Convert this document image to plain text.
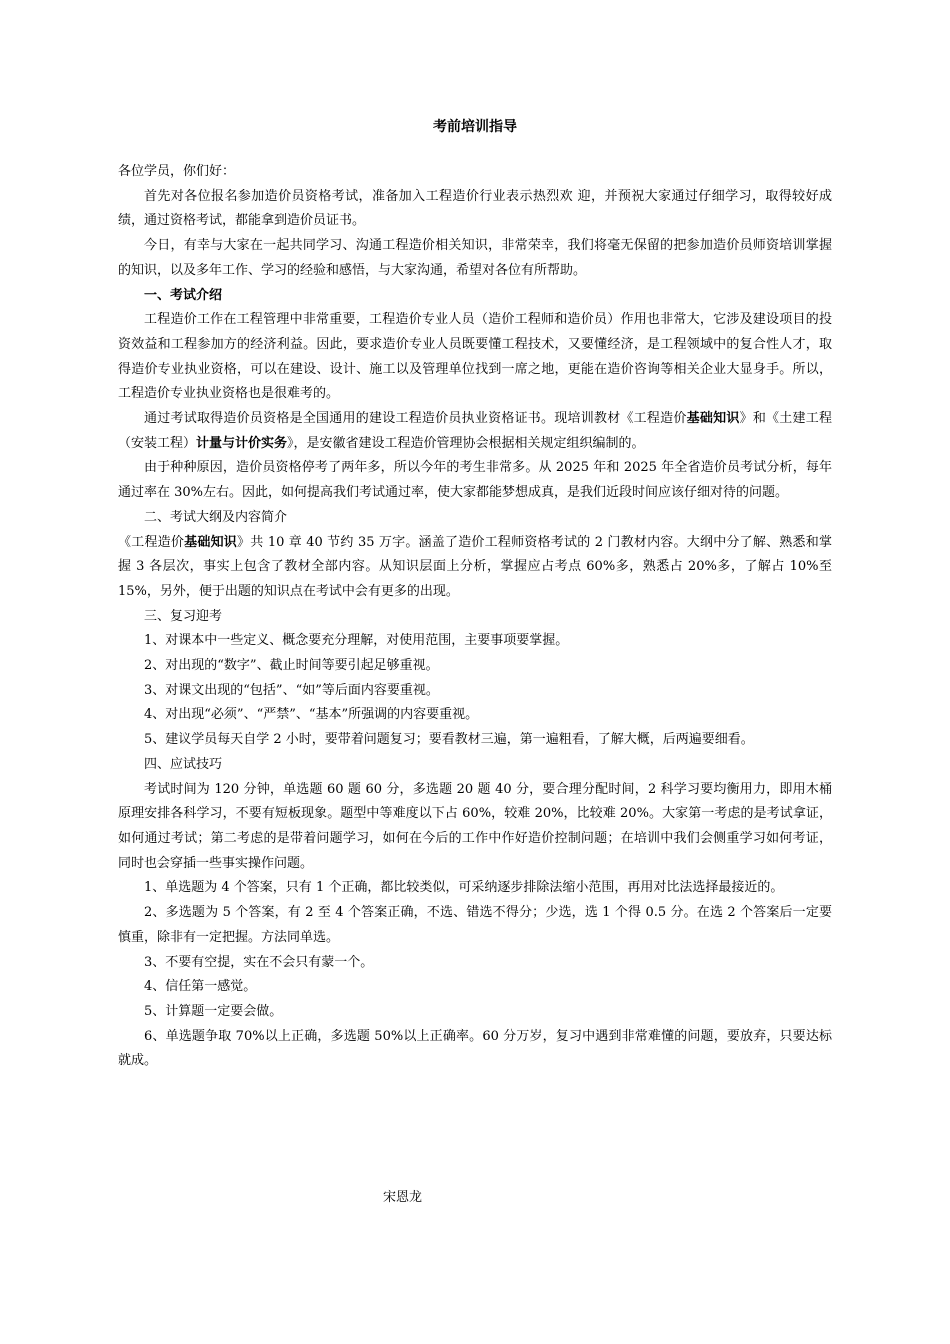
考前培训指导

各位学员，你们好：

首先对各位报名参加造价员资格考试，准备加入工程造价行业表示热烈欢 迎，并预祝大家通过仔细学习，取得较好成绩，通过资格考试，都能拿到造价员证书。

今日，有幸与大家在一起共同学习、沟通工程造价相关知识，非常荣幸，我们将毫无保留的把参加造价员师资培训掌握的知识，以及多年工作、学习的经验和感悟，与大家沟通，希望对各位有所帮助。

一、考试介绍

工程造价工作在工程管理中非常重要，工程造价专业人员（造价工程师和造价员）作用也非常大，它涉及建设项目的投资效益和工程参加方的经济利益。因此，要求造价专业人员既要懂工程技术，又要懂经济，是工程领域中的复合性人才，取得造价专业执业资格，可以在建设、设计、施工以及管理单位找到一席之地，更能在造价咨询等相关企业大显身手。所以，工程造价专业执业资格也是很难考的。

通过考试取得造价员资格是全国通用的建设工程造价员执业资格证书。现培训教材《工程造价基础知识》和《土建工程（安装工程）计量与计价实务》，是安徽省建设工程造价管理协会根据相关规定组织编制的。

由于种种原因，造价员资格停考了两年多，所以今年的考生非常多。从 2025 年和 2025 年全省造价员考试分析，每年通过率在 30%左右。因此，如何提高我们考试通过率，使大家都能梦想成真，是我们近段时间应该仔细对待的问题。

二、考试大纲及内容简介

《工程造价基础知识》共 10 章 40 节约 35 万字。涵盖了造价工程师资格考试的 2 门教材内容。大纲中分了解、熟悉和掌握 3 各层次，事实上包含了教材全部内容。从知识层面上分析，掌握应占考点 60%多，熟悉占 20%多，了解占 10%至 15%，另外，便于出题的知识点在考试中会有更多的出现。

三、复习迎考

1、对课本中一些定义、概念要充分理解，对使用范围，主要事项要掌握。

2、对出现的“数字”、截止时间等要引起足够重视。

3、对课文出现的“包括”、“如”等后面内容要重视。

4、对出现“必须”、“严禁”、“基本”所强调的内容要重视。

5、建议学员每天自学 2 小时，要带着问题复习；要看教材三遍，第一遍粗看，了解大概，后两遍要细看。

四、应试技巧

考试时间为 120 分钟，单选题 60 题 60 分，多选题 20 题 40 分，要合理分配时间，2 科学习要均衡用力，即用木桶原理安排各科学习，不要有短板现象。题型中等难度以下占 60%，较难 20%，比较难 20%。大家第一考虑的是考试拿证，如何通过考试；第二考虑的是带着问题学习，如何在今后的工作中作好造价控制问题；在培训中我们会侧重学习如何考证，同时也会穿插一些事实操作问题。

1、单选题为 4 个答案，只有 1 个正确，都比较类似，可采纳逐步排除法缩小范围，再用对比法选择最接近的。

2、多选题为 5 个答案，有 2 至 4 个答案正确，不选、错选不得分；少选，选 1 个得 0.5 分。在选 2 个答案后一定要慎重，除非有一定把握。方法同单选。

3、不要有空提，实在不会只有蒙一个。

4、信任第一感觉。

5、计算题一定要会做。

6、单选题争取 70%以上正确，多选题 50%以上正确率。60 分万岁，复习中遇到非常难懂的问题，要放弃，只要达标就成。

宋恩龙
